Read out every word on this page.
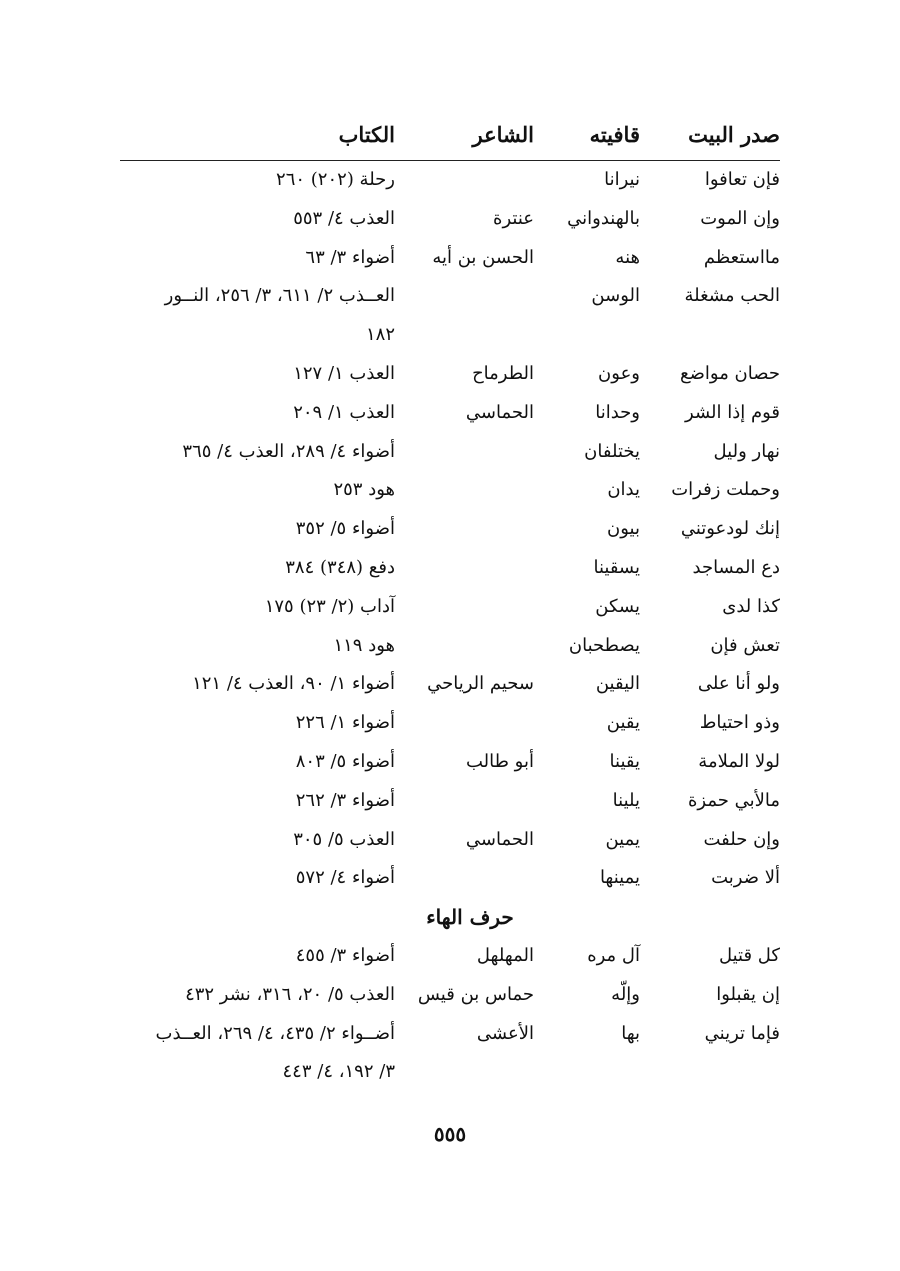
صدر البيت
قافيته
الشاعر
الكتاب
فإن تعافوا
نيرانا
رحلة (٢٠٢) ٢٦٠
وإن الموت
بالهندواني
عنترة
العذب ٤/ ٥٥٣
مااستعظم
هنه
الحسن بن أيه
أضواء ٣/ ٦٣
الحب مشغلة
الوسن
العــذب ٢/ ٦١١، ٣/ ٢٥٦، النــور
١٨٢
حصان مواضع
وعون
الطرماح
العذب ١/ ١٢٧
قوم إذا الشر
وحدانا
الحماسي
العذب ١/ ٢٠٩
نهار وليل
يختلفان
أضواء ٤/ ٢٨٩، العذب ٤/ ٣٦٥
وحملت زفرات
يدان
هود ٢٥٣
إنك لودعوتني
بيون
أضواء ٥/ ٣٥٢
دع المساجد
يسقينا
دفع (٣٤٨) ٣٨٤
كذا لدى
يسكن
آداب (٢/ ٢٣) ١٧٥
تعش فإن
يصطحبان
هود ١١٩
ولو أنا على
اليقين
سحيم الرياحي
أضواء ١/ ٩٠، العذب ٤/ ١٢١
وذو احتياط
يقين
أضواء ١/ ٢٢٦
لولا الملامة
يقينا
أبو طالب
أضواء ٥/ ٨٠٣
مالأبي حمزة
يلينا
أضواء ٣/ ٢٦٢
وإن حلفت
يمين
الحماسي
العذب ٥/ ٣٠٥
ألا ضربت
يمينها
أضواء ٤/ ٥٧٢
حرف الهاء
كل قتيل
آل مره
المهلهل
أضواء ٣/ ٤٥٥
إن يقبلوا
وإلّه
حماس بن قيس
العذب ٥/ ٢٠، ٣١٦، نشر ٤٣٢
فإما تريني
بها
الأعشى
أضــواء ٢/ ٤٣٥، ٤/ ٢٦٩، العــذب
٣/ ١٩٢، ٤/ ٤٤٣
٥٥٥
